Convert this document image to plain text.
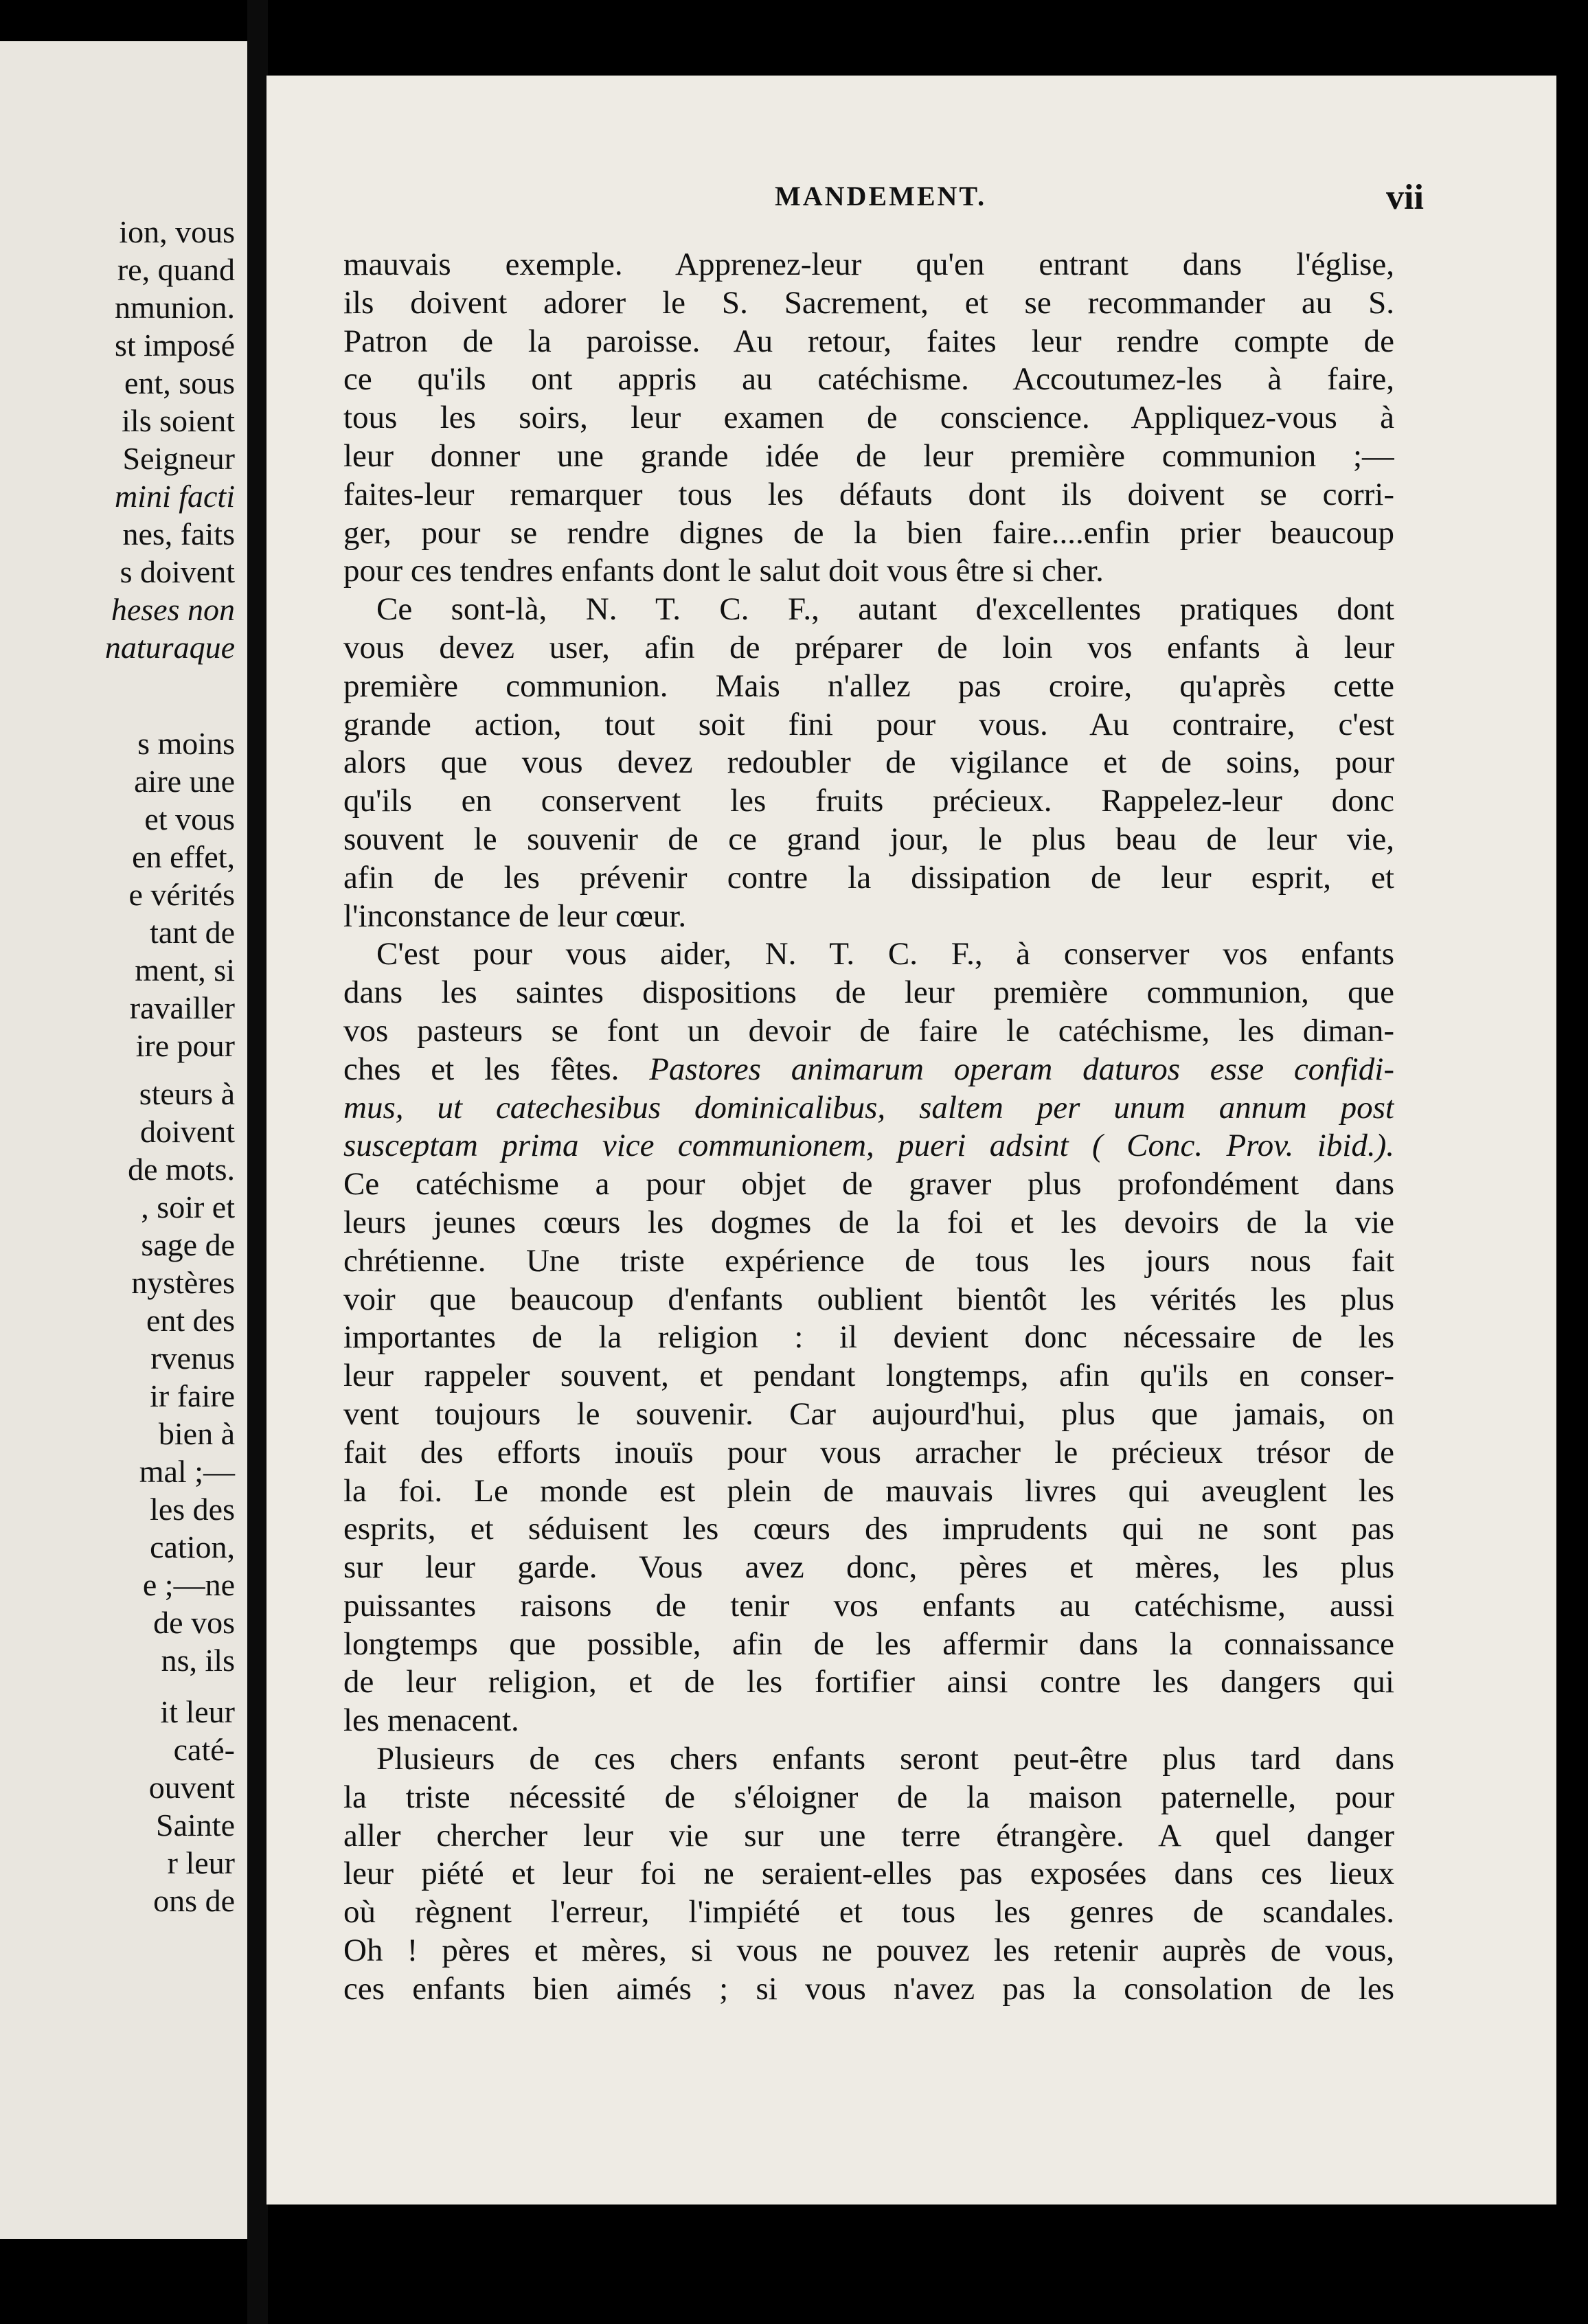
ion, vous
re, quand
nmunion.
st imposé
ent, sous
ils soient
Seigneur
mini facti
nes, faits
s doivent
heses non
naturaque
s moins
aire une
et vous
en effet,
e vérités
tant de
ment, si
ravailler
ire pour
steurs à
doivent
de mots.
, soir et
sage de
nystères
ent des
rvenus
ir faire
bien à
mal ;—
les des
cation,
e ;—ne
de vos
ns, ils
it leur
caté-
ouvent
Sainte
r leur
ons de
MANDEMENT.	vii
mauvais exemple. Apprenez-leur qu'en entrant dans l'église,
ils doivent adorer le S. Sacrement, et se recommander au S.
Patron de la paroisse. Au retour, faites leur rendre compte de
ce qu'ils ont appris au catéchisme. Accoutumez-les à faire,
tous les soirs, leur examen de conscience. Appliquez-vous à
leur donner une grande idée de leur première communion ;—
faites-leur remarquer tous les défauts dont ils doivent se corri-
ger, pour se rendre dignes de la bien faire....enfin prier beaucoup
pour ces tendres enfants dont le salut doit vous être si cher.
Ce sont-là, N. T. C. F., autant d'excellentes pratiques dont
vous devez user, afin de préparer de loin vos enfants à leur
première communion. Mais n'allez pas croire, qu'après cette
grande action, tout soit fini pour vous. Au contraire, c'est
alors que vous devez redoubler de vigilance et de soins, pour
qu'ils en conservent les fruits précieux. Rappelez-leur donc
souvent le souvenir de ce grand jour, le plus beau de leur vie,
afin de les prévenir contre la dissipation de leur esprit, et
l'inconstance de leur cœur.
C'est pour vous aider, N. T. C. F., à conserver vos enfants
dans les saintes dispositions de leur première communion, que
vos pasteurs se font un devoir de faire le catéchisme, les diman-
ches et les fêtes. Pastores animarum operam daturos esse confidi-
mus, ut catechesibus dominicalibus, saltem per unum annum post
susceptam prima vice communionem, pueri adsint ( Conc. Prov. ibid.).
Ce catéchisme a pour objet de graver plus profondément dans
leurs jeunes cœurs les dogmes de la foi et les devoirs de la vie
chrétienne. Une triste expérience de tous les jours nous fait
voir que beaucoup d'enfants oublient bientôt les vérités les plus
importantes de la religion : il devient donc nécessaire de les
leur rappeler souvent, et pendant longtemps, afin qu'ils en conser-
vent toujours le souvenir. Car aujourd'hui, plus que jamais, on
fait des efforts inouïs pour vous arracher le précieux trésor de
la foi. Le monde est plein de mauvais livres qui aveuglent les
esprits, et séduisent les cœurs des imprudents qui ne sont pas
sur leur garde. Vous avez donc, pères et mères, les plus
puissantes raisons de tenir vos enfants au catéchisme, aussi
longtemps que possible, afin de les affermir dans la connaissance
de leur religion, et de les fortifier ainsi contre les dangers qui
les menacent.
Plusieurs de ces chers enfants seront peut-être plus tard dans
la triste nécessité de s'éloigner de la maison paternelle, pour
aller chercher leur vie sur une terre étrangère. A quel danger
leur piété et leur foi ne seraient-elles pas exposées dans ces lieux
où règnent l'erreur, l'impiété et tous les genres de scandales.
Oh ! pères et mères, si vous ne pouvez les retenir auprès de vous,
ces enfants bien aimés ; si vous n'avez pas la consolation de les
